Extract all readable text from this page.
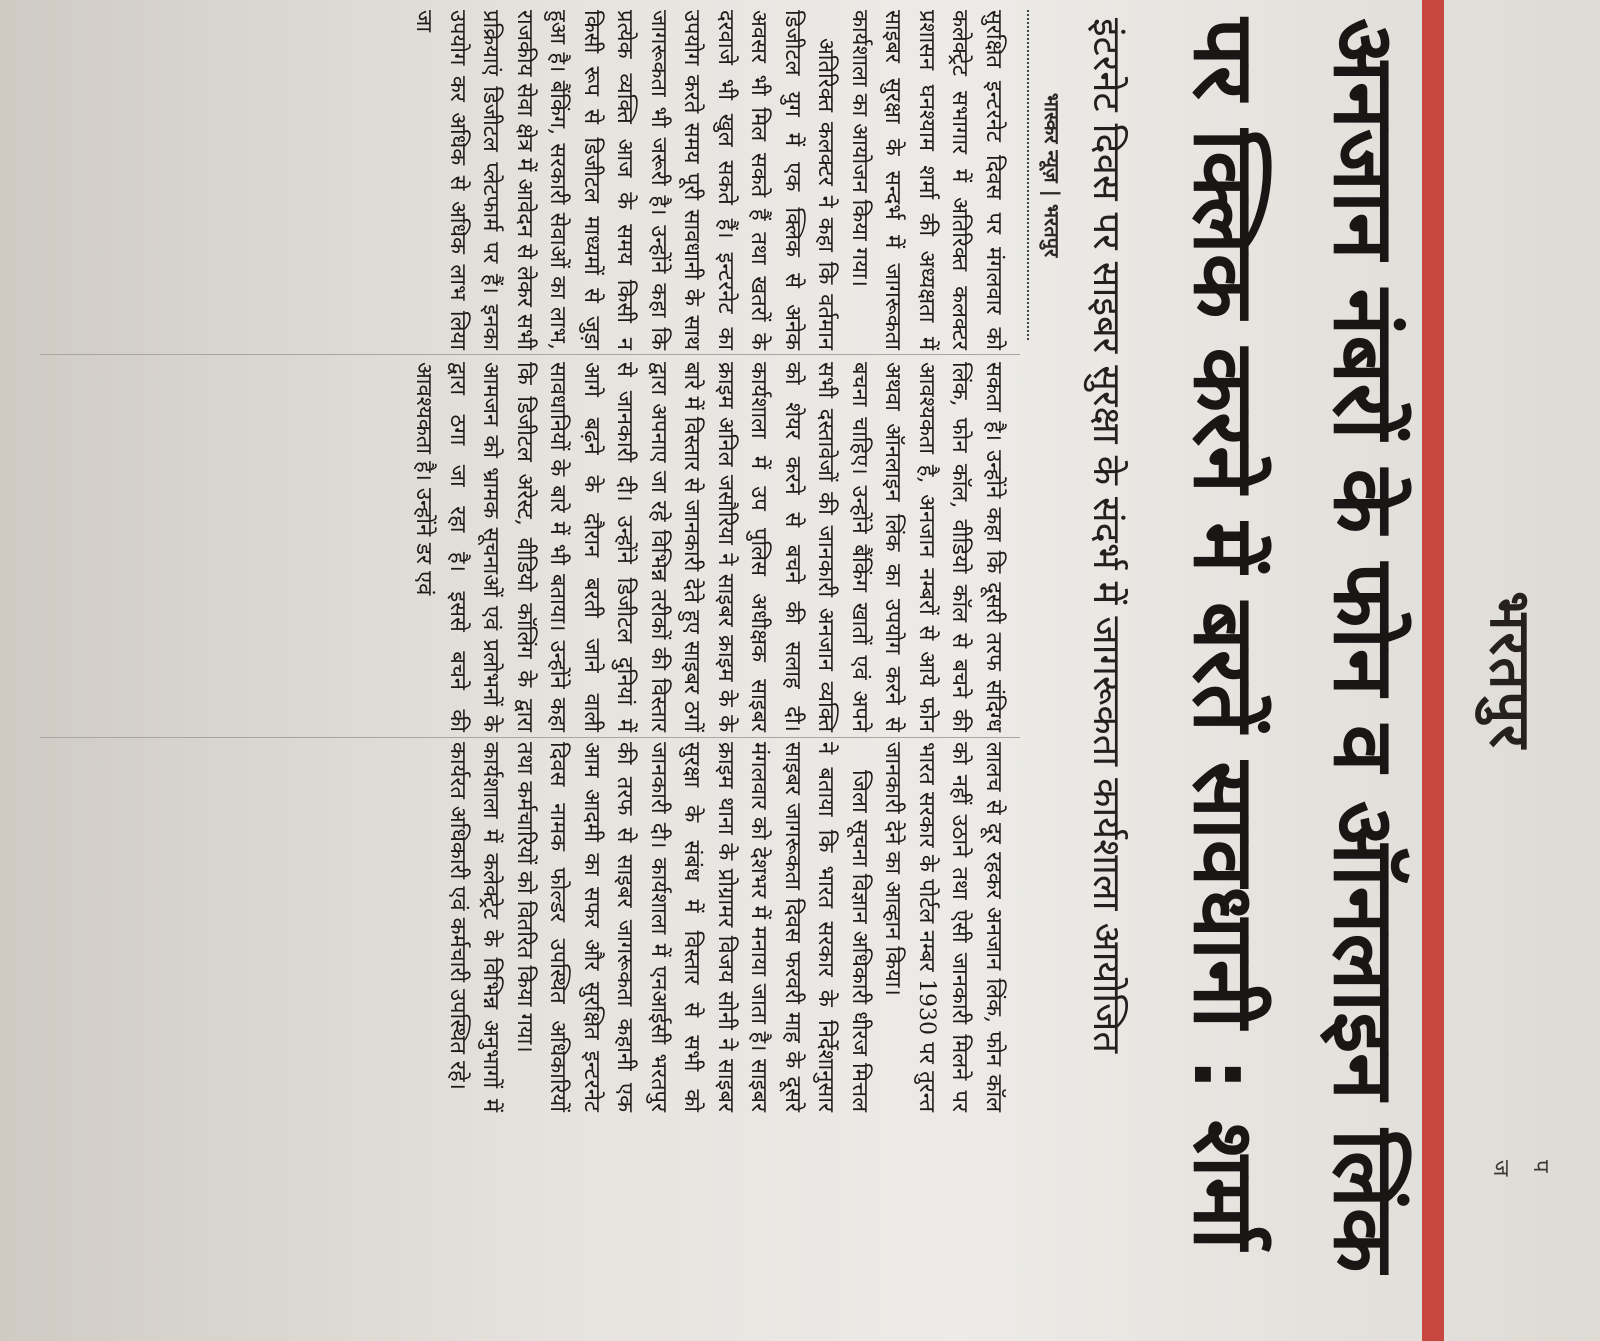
भरतपुर
अनजान नंबरों के फोन व ऑनलाइन लिंक
पर क्लिक करने में बरतें सावधानी : शर्मा
इंटरनेट दिवस पर साइबर सुरक्षा के संदर्भ में जागरूकता कार्यशाला आयोजित
भास्कर न्यूज़ | भरतपुर

सुरक्षित इन्टरनेट दिवस पर मंगलवार को कलेक्ट्रेट सभागार में अतिरिक्त कलक्टर प्रशासन घनश्याम शर्मा की अध्यक्षता में साइबर सुरक्षा के सन्दर्भ में जागरूकता कार्यशाला का आयोजन किया गया।

अतिरिक्त कलक्टर ने कहा कि वर्तमान डिजीटल युग में एक क्लिक से अनेक अवसर भी मिल सकते हैं तथा खतरों के दरवाजे भी खुल सकते हैं। इन्टरनेट का उपयोग करते समय पूरी सावधानी के साथ जागरूकता भी जरूरी है। उन्होंने कहा कि प्रत्येक व्यक्ति आज के समय किसी न किसी रूप से डिजीटल माध्यमों से जुड़ा हुआ है। बैंकिंग, सरकारी सेवाओं का लाभ, राजकीय सेवा क्षेत्र में आवेदन से लेकर सभी प्रक्रियाएं डिजीटल प्लेटफार्म पर हैं। इनका उपयोग कर अधिक से अधिक लाभ लिया जा

सकता है। उन्होंने कहा कि दूसरी तरफ संदिग्ध लिंक, फोन कॉल, वीडियो कॉल से बचने की आवश्यकता है, अनजान नम्बरों से आये फोन अथवा ऑनलाइन लिंक का उपयोग करने से बचना चाहिए। उन्होंने बैंकिंग खातों एवं अपने सभी दस्तावेजों की जानकारी अनजान व्यक्ति को शेयर करने से बचने की सलाह दी। कार्यशाला में उप पुलिस अधीक्षक साइबर क्राइम अनिल जसौरिया ने साइबर क्राइम के के बारे में विस्तार से जानकारी देते हुए साइबर ठगों द्वारा अपनाए जा रहे विभिन्न तरीकों की विस्तार से जानकारी दी। उन्होंने डिजीटल दुनियां में आगे बढ़ने के दौरान बरती जाने वाली सावधानियों के बारे में भी बताया। उन्होंने कहा कि डिजीटल अरेस्ट, वीडियो कॉलिंग के द्वारा आमजन को भ्रामक सूचनाओं एवं प्रलोभनों के द्वारा ठगा जा रहा है। इससे बचने की आवश्यकता है। उन्होंने डर एवं

लालच से दूर रहकर अनजान लिंक, फोन कॉल को नहीं उठाने तथा ऐसी जानकारी मिलने पर भारत सरकार के पोर्टल नम्बर 1930 पर तुरन्त जानकारी देने का आव्हान किया।

जिला सूचना विज्ञान अधिकारी धीरज मित्तल ने बताया कि भारत सरकार के निर्देशानुसार साइबर जागरूकता दिवस फरवरी माह के दूसरे मंगलवार को देशभर में मनाया जाता है। साइबर क्राइम थाना के प्रोग्रामर विजय सोनी ने साइबर सुरक्षा के संबंध में विस्तार से सभी को जानकारी दी। कार्यशाला में एनआईसी भरतपुर की तरफ से साइबर जागरूकता कहानी एक आम आदमी का सफर और सुरक्षित इन्टरनेट दिवस नामक फोल्डर उपस्थित अधिकारियों तथा कर्मचारियों को वितरित किया गया।

कार्यशाला में कलेक्ट्रेट के विभिन्न अनुभागों में कार्यरत अधिकारी एवं कर्मचारी उपस्थित रहे।

प
ज
